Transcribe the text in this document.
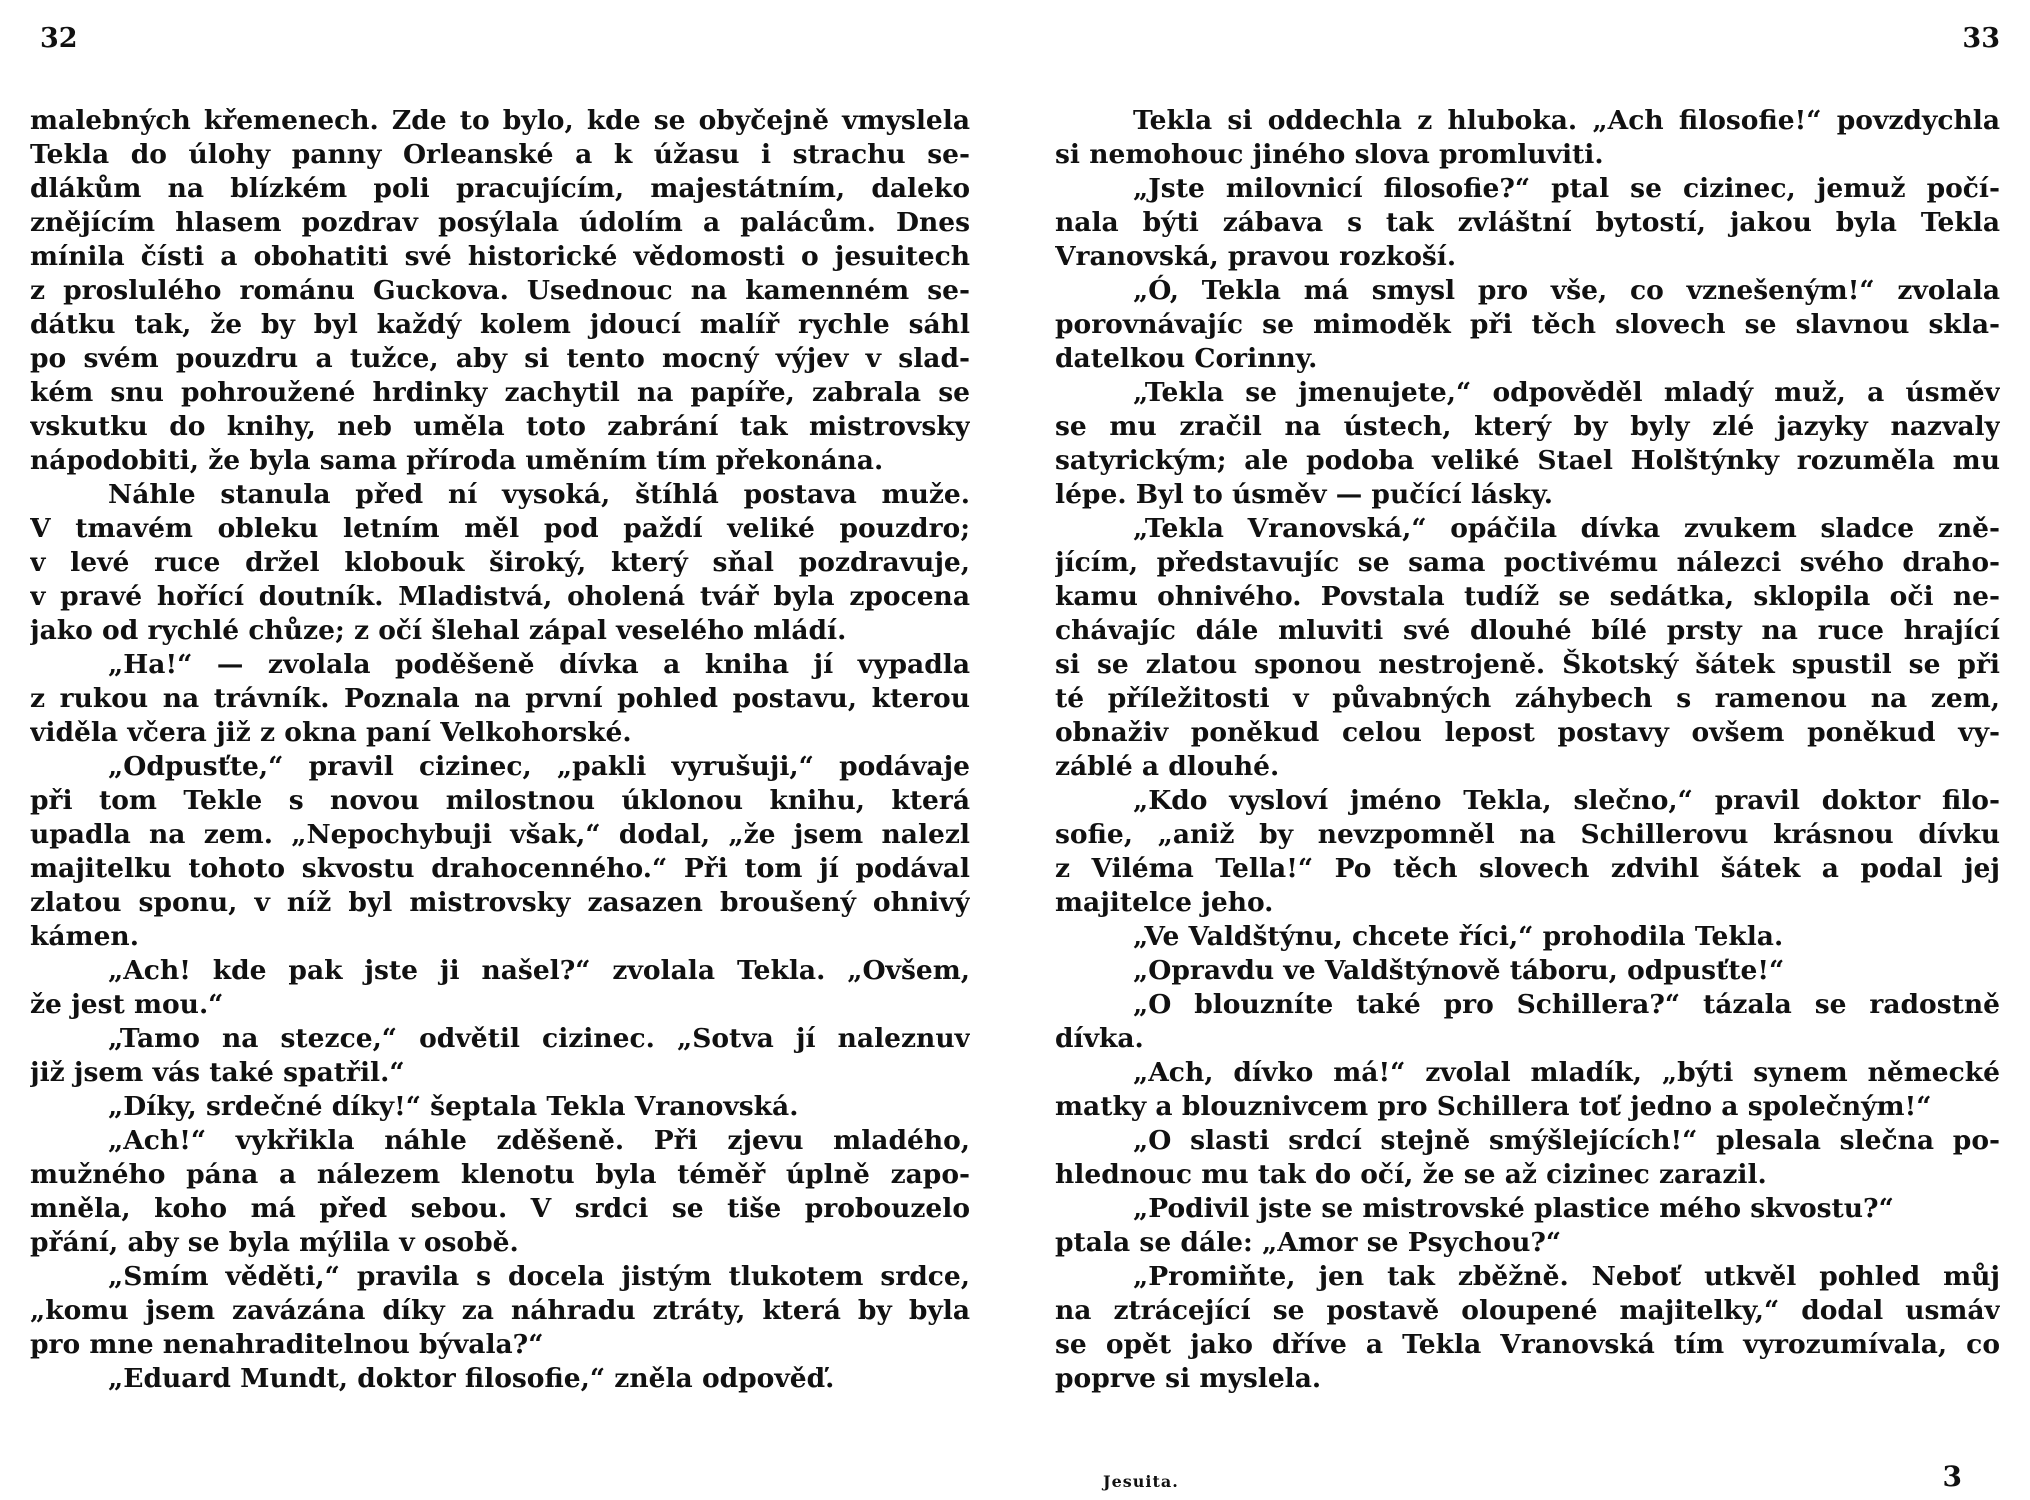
32
malebných křemenech. Zde to bylo, kde se obyčejně vmyslela
Tekla do úlohy panny Orleanské a k úžasu i strachu se-
dlákům na blízkém poli pracujícím, majestátním, daleko
znějícím hlasem pozdrav posýlala údolím a palácům. Dnes
mínila čísti a obohatiti své historické vědomosti o jesuitech
z proslulého románu Guckova. Usednouc na kamenném se-
dátku tak, že by byl každý kolem jdoucí malíř rychle sáhl
po svém pouzdru a tužce, aby si tento mocný výjev v slad-
kém snu pohroužené hrdinky zachytil na papíře, zabrala se
vskutku do knihy, neb uměla toto zabrání tak mistrovsky
nápodobiti, že byla sama příroda uměním tím překonána.
Náhle stanula před ní vysoká, štíhlá postava muže.
V tmavém obleku letním měl pod paždí veliké pouzdro;
v levé ruce držel klobouk široký, který sňal pozdravuje,
v pravé hořící doutník. Mladistvá, oholená tvář byla zpocena
jako od rychlé chůze; z očí šlehal zápal veselého mládí.
„Ha!“ — zvolala poděšeně dívka a kniha jí vypadla
z rukou na trávník. Poznala na první pohled postavu, kterou
viděla včera již z okna paní Velkohorské.
„Odpusťte,“ pravil cizinec, „pakli vyrušuji,“ podávaje
při tom Tekle s novou milostnou úklonou knihu, která
upadla na zem. „Nepochybuji však,“ dodal, „že jsem nalezl
majitelku tohoto skvostu drahocenného.“ Při tom jí podával
zlatou sponu, v níž byl mistrovsky zasazen broušený ohnivý
kámen.
„Ach! kde pak jste ji našel?“ zvolala Tekla. „Ovšem,
že jest mou.“
„Tamo na stezce,“ odvětil cizinec. „Sotva jí naleznuv
již jsem vás také spatřil.“
„Díky, srdečné díky!“ šeptala Tekla Vranovská.
„Ach!“ vykřikla náhle zděšeně. Při zjevu mladého,
mužného pána a nálezem klenotu byla téměř úplně zapo-
mněla, koho má před sebou. V srdci se tiše probouzelo
přání, aby se byla mýlila v osobě.
„Smím věděti,“ pravila s docela jistým tlukotem srdce,
„komu jsem zavázána díky za náhradu ztráty, která by byla
pro mne nenahraditelnou bývala?“
„Eduard Mundt, doktor filosofie,“ zněla odpověď.
33
Tekla si oddechla z hluboka. „Ach filosofie!“ povzdychla
si nemohouc jiného slova promluviti.
„Jste milovnicí filosofie?“ ptal se cizinec, jemuž počí-
nala býti zábava s tak zvláštní bytostí, jakou byla Tekla
Vranovská, pravou rozkoší.
„Ó, Tekla má smysl pro vše, co vznešeným!“ zvolala
porovnávajíc se mimoděk při těch slovech se slavnou skla-
datelkou Corinny.
„Tekla se jmenujete,“ odpověděl mladý muž, a úsměv
se mu zračil na ústech, který by byly zlé jazyky nazvaly
satyrickým; ale podoba veliké Stael Holštýnky rozuměla mu
lépe. Byl to úsměv — pučící lásky.
„Tekla Vranovská,“ opáčila dívka zvukem sladce zně-
jícím, představujíc se sama poctivému nálezci svého draho-
kamu ohnivého. Povstala tudíž se sedátka, sklopila oči ne-
chávajíc dále mluviti své dlouhé bílé prsty na ruce hrající
si se zlatou sponou nestrojeně. Škotský šátek spustil se při
té příležitosti v půvabných záhybech s ramenou na zem,
obnaživ poněkud celou lepost postavy ovšem poněkud vy-
záblé a dlouhé.
„Kdo vysloví jméno Tekla, slečno,“ pravil doktor filo-
sofie, „aniž by nevzpomněl na Schillerovu krásnou dívku
z Viléma Tella!“ Po těch slovech zdvihl šátek a podal jej
majitelce jeho.
„Ve Valdštýnu, chcete říci,“ prohodila Tekla.
„Opravdu ve Valdštýnově táboru, odpusťte!“
„O blouzníte také pro Schillera?“ tázala se radostně
dívka.
„Ach, dívko má!“ zvolal mladík, „býti synem německé
matky a blouznivcem pro Schillera toť jedno a společným!“
„O slasti srdcí stejně smýšlejících!“ plesala slečna po-
hlednouc mu tak do očí, že se až cizinec zarazil.
„Podivil jste se mistrovské plastice mého skvostu?“
ptala se dále: „Amor se Psychou?“
„Promiňte, jen tak zběžně. Neboť utkvěl pohled můj
na ztrácející se postavě oloupené majitelky,“ dodal usmáv
se opět jako dříve a Tekla Vranovská tím vyrozumívala, co
poprve si myslela.
Jesuita.	3
